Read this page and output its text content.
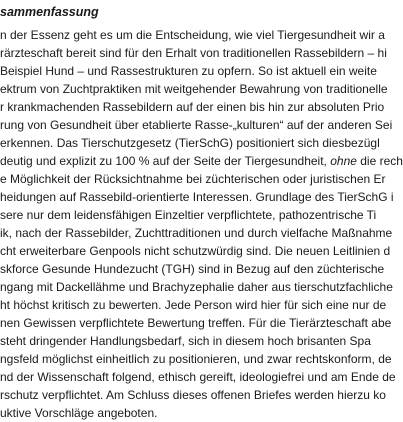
sammenfassung
n der Essenz geht es um die Entscheidung, wie viel Tiergesundheit wir a
rärzteschaft bereit sind für den Erhalt von traditionellen Rassebildern – hi
Beispiel Hund – und Rassestrukturen zu opfern. So ist aktuell ein weite
ektrum von Zuchtpraktiken mit weitgehender Bewahrung von traditionelle
r krankmachenden Rassebildern auf der einen bis hin zur absoluten Prio
rung von Gesundheit über etablierte Rasse-„kulturen“ auf der anderen Sei
erkennen. Das Tierschutzgesetz (TierSchG) positioniert sich diesbezügl
deutig und explizit zu 100 % auf der Seite der Tiergesundheit, ohne die rech
e Möglichkeit der Rücksichtnahme bei züchterischen oder juristischen Er
heidungen auf Rassebild-orientierte Interessen. Grundlage des TierSchG i
sere nur dem leidensfähigen Einzeltier verpflichtete, pathozentrische Ti
ik, nach der Rassebilder, Zuchttraditionen und durch vielfache Maßnahme
cht erweiterbare Genpools nicht schutzwürdig sind. Die neuen Leitlinien d
skforce Gesunde Hundezucht (TGH) sind in Bezug auf den züchterische
ngang mit Dackellähme und Brachyzephalie daher aus tierschutzfachliche
ht höchst kritisch zu bewerten. Jede Person wird hier für sich eine nur de
nen Gewissen verpflichtete Bewertung treffen. Für die Tierärzteschaft abe
steht dringender Handlungsbedarf, sich in diesem hoch brisanten Spa
ngsfeld möglichst einheitlich zu positionieren, und zwar rechtskonform, de
nd der Wissenschaft folgend, ethisch gereift, ideologiefrei und am Ende de
rschutz verpflichtet. Am Schluss dieses offenen Briefes werden hierzu ko
uktive Vorschläge angeboten.
